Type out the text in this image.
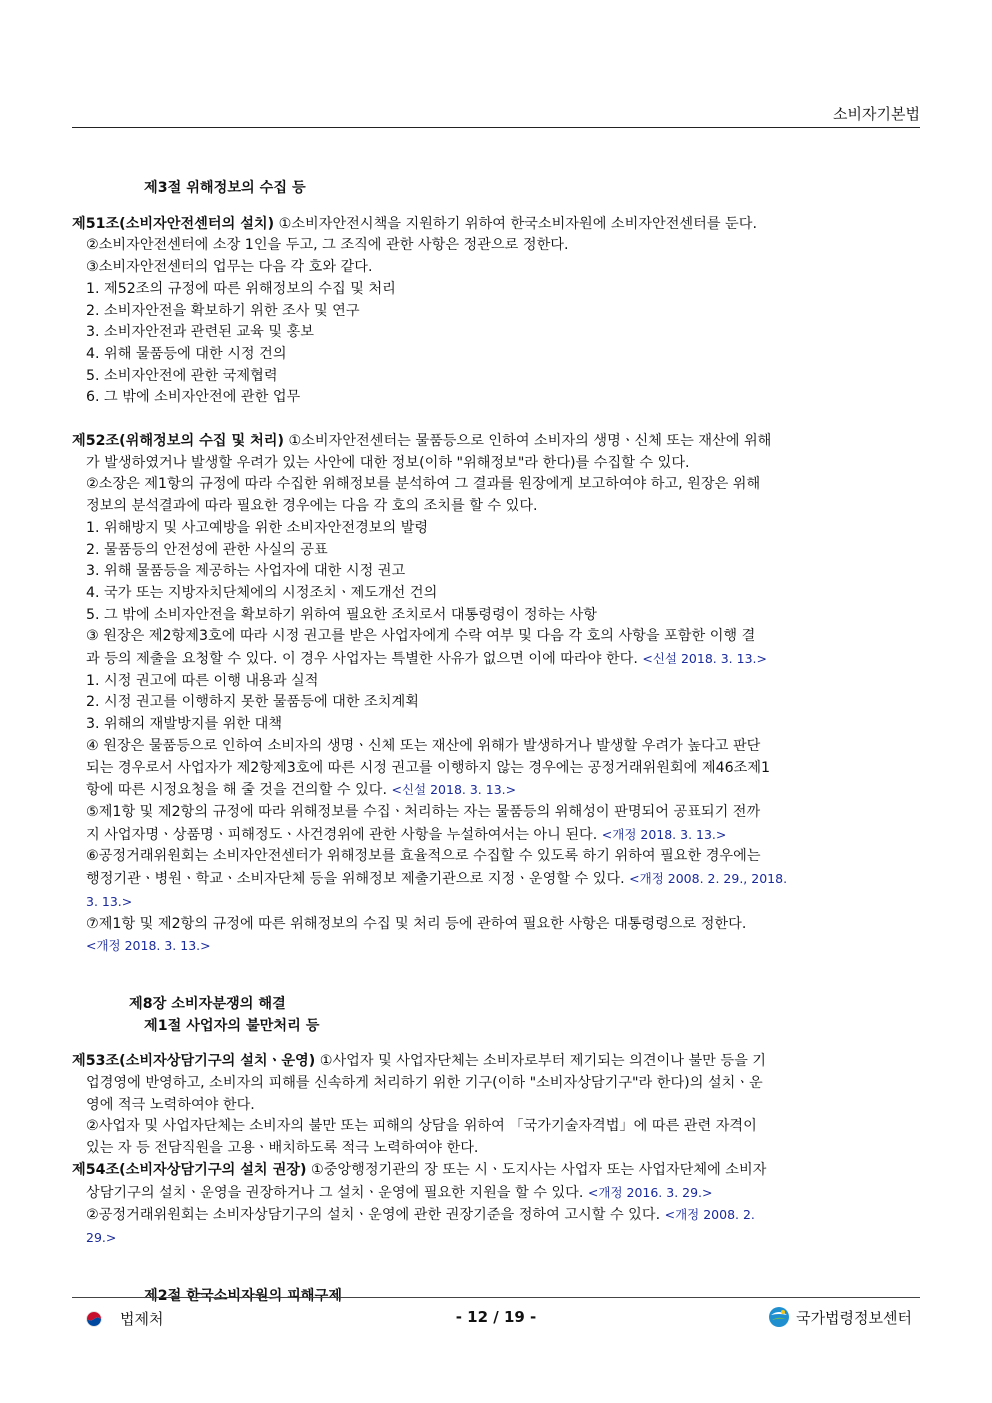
소비자기본법
제3절 위해정보의 수집 등
제51조(소비자안전센터의 설치) ①소비자안전시책을 지원하기 위하여 한국소비자원에 소비자안전센터를 둔다.
②소비자안전센터에 소장 1인을 두고, 그 조직에 관한 사항은 정관으로 정한다.
③소비자안전센터의 업무는 다음 각 호와 같다.
1. 제52조의 규정에 따른 위해정보의 수집 및 처리
2. 소비자안전을 확보하기 위한 조사 및 연구
3. 소비자안전과 관련된 교육 및 홍보
4. 위해 물품등에 대한 시정 건의
5. 소비자안전에 관한 국제협력
6. 그 밖에 소비자안전에 관한 업무
제52조(위해정보의 수집 및 처리) ①소비자안전센터는 물품등으로 인하여 소비자의 생명ㆍ신체 또는 재산에 위해
가 발생하였거나 발생할 우려가 있는 사안에 대한 정보(이하 "위해정보"라 한다)를 수집할 수 있다.
②소장은 제1항의 규정에 따라 수집한 위해정보를 분석하여 그 결과를 원장에게 보고하여야 하고, 원장은 위해
정보의 분석결과에 따라 필요한 경우에는 다음 각 호의 조치를 할 수 있다.
1. 위해방지 및 사고예방을 위한 소비자안전경보의 발령
2. 물품등의 안전성에 관한 사실의 공표
3. 위해 물품등을 제공하는 사업자에 대한 시정 권고
4. 국가 또는 지방자치단체에의 시정조치ㆍ제도개선 건의
5. 그 밖에 소비자안전을 확보하기 위하여 필요한 조치로서 대통령령이 정하는 사항
③ 원장은 제2항제3호에 따라 시정 권고를 받은 사업자에게 수락 여부 및 다음 각 호의 사항을 포함한 이행 결
과 등의 제출을 요청할 수 있다. 이 경우 사업자는 특별한 사유가 없으면 이에 따라야 한다. <신설 2018. 3. 13.>
1. 시정 권고에 따른 이행 내용과 실적
2. 시정 권고를 이행하지 못한 물품등에 대한 조치계획
3. 위해의 재발방지를 위한 대책
④ 원장은 물품등으로 인하여 소비자의 생명ㆍ신체 또는 재산에 위해가 발생하거나 발생할 우려가 높다고 판단
되는 경우로서 사업자가 제2항제3호에 따른 시정 권고를 이행하지 않는 경우에는 공정거래위원회에 제46조제1
항에 따른 시정요청을 해 줄 것을 건의할 수 있다. <신설 2018. 3. 13.>
⑤제1항 및 제2항의 규정에 따라 위해정보를 수집ㆍ처리하는 자는 물품등의 위해성이 판명되어 공표되기 전까
지 사업자명ㆍ상품명ㆍ피해정도ㆍ사건경위에 관한 사항을 누설하여서는 아니 된다. <개정 2018. 3. 13.>
⑥공정거래위원회는 소비자안전센터가 위해정보를 효율적으로 수집할 수 있도록 하기 위하여 필요한 경우에는
행정기관ㆍ병원ㆍ학교ㆍ소비자단체 등을 위해정보 제출기관으로 지정ㆍ운영할 수 있다. <개정 2008. 2. 29., 2018.
3. 13.>
⑦제1항 및 제2항의 규정에 따른 위해정보의 수집 및 처리 등에 관하여 필요한 사항은 대통령령으로 정한다.
<개정 2018. 3. 13.>
제8장 소비자분쟁의 해결
제1절 사업자의 불만처리 등
제53조(소비자상담기구의 설치ㆍ운영) ①사업자 및 사업자단체는 소비자로부터 제기되는 의견이나 불만 등을 기
업경영에 반영하고, 소비자의 피해를 신속하게 처리하기 위한 기구(이하 "소비자상담기구"라 한다)의 설치ㆍ운
영에 적극 노력하여야 한다.
②사업자 및 사업자단체는 소비자의 불만 또는 피해의 상담을 위하여 「국가기술자격법」에 따른 관련 자격이
있는 자 등 전담직원을 고용ㆍ배치하도록 적극 노력하여야 한다.
제54조(소비자상담기구의 설치 권장) ①중앙행정기관의 장 또는 시ㆍ도지사는 사업자 또는 사업자단체에 소비자
상담기구의 설치ㆍ운영을 권장하거나 그 설치ㆍ운영에 필요한 지원을 할 수 있다. <개정 2016. 3. 29.>
②공정거래위원회는 소비자상담기구의 설치ㆍ운영에 관한 권장기준을 정하여 고시할 수 있다. <개정 2008. 2.
29.>
제2절 한국소비자원의 피해구제
법제처	- 12 / 19 -	국가법령정보센터
